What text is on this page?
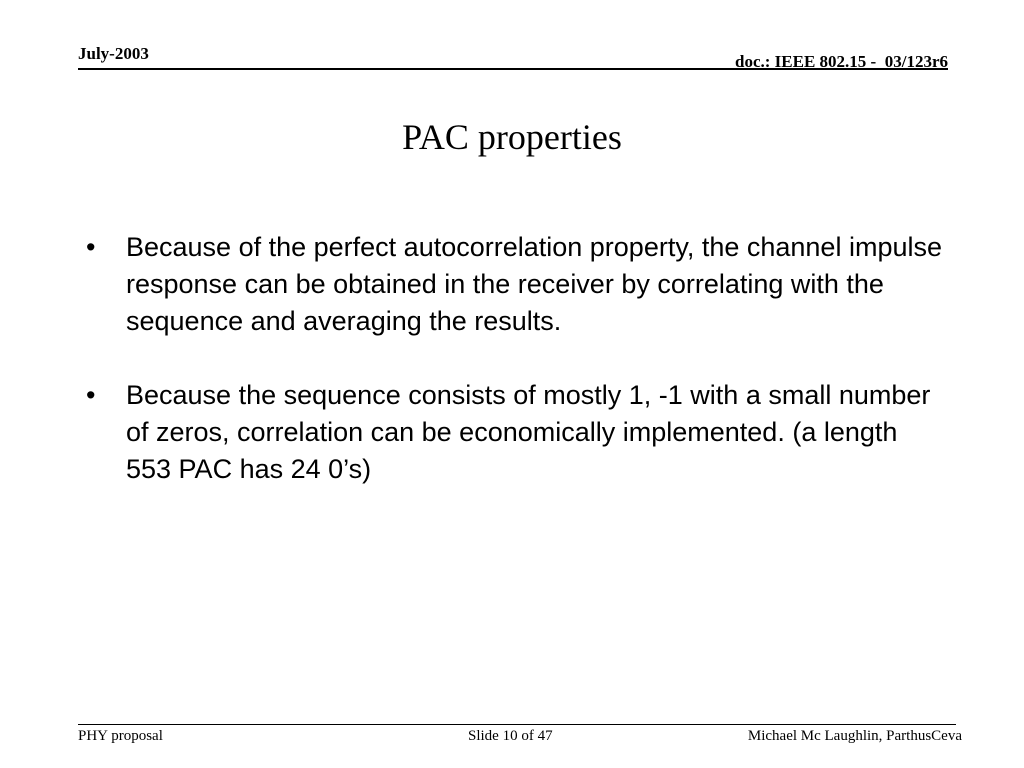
July-2003	doc.: IEEE 802.15 -  03/123r6
PAC properties
• Because of the perfect autocorrelation property, the channel impulse response can be obtained in the receiver by correlating with the sequence and averaging the results.
• Because the sequence consists of mostly 1, -1 with a small number of zeros, correlation can be economically implemented. (a length 553 PAC has 24 0’s)
PHY proposal	Slide 10 of 47	Michael Mc Laughlin, ParthusCeva
